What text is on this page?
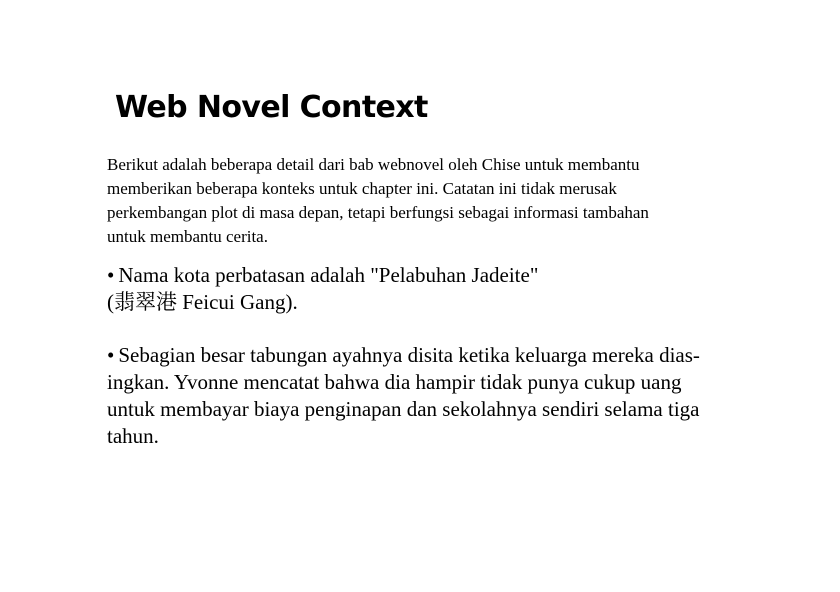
Web Novel Context

Berikut adalah beberapa detail dari bab webnovel oleh Chise untuk membantu
memberikan beberapa konteks untuk chapter ini. Catatan ini tidak merusak
perkembangan plot di masa depan, tetapi berfungsi sebagai informasi tambahan
untuk membantu cerita.

• Nama kota perbatasan adalah "Pelabuhan Jadeite"
(翡翠港 Feicui Gang).

• Sebagian besar tabungan ayahnya disita ketika keluarga mereka dias-
ingkan. Yvonne mencatat bahwa dia hampir tidak punya cukup uang
untuk membayar biaya penginapan dan sekolahnya sendiri selama tiga
tahun.
